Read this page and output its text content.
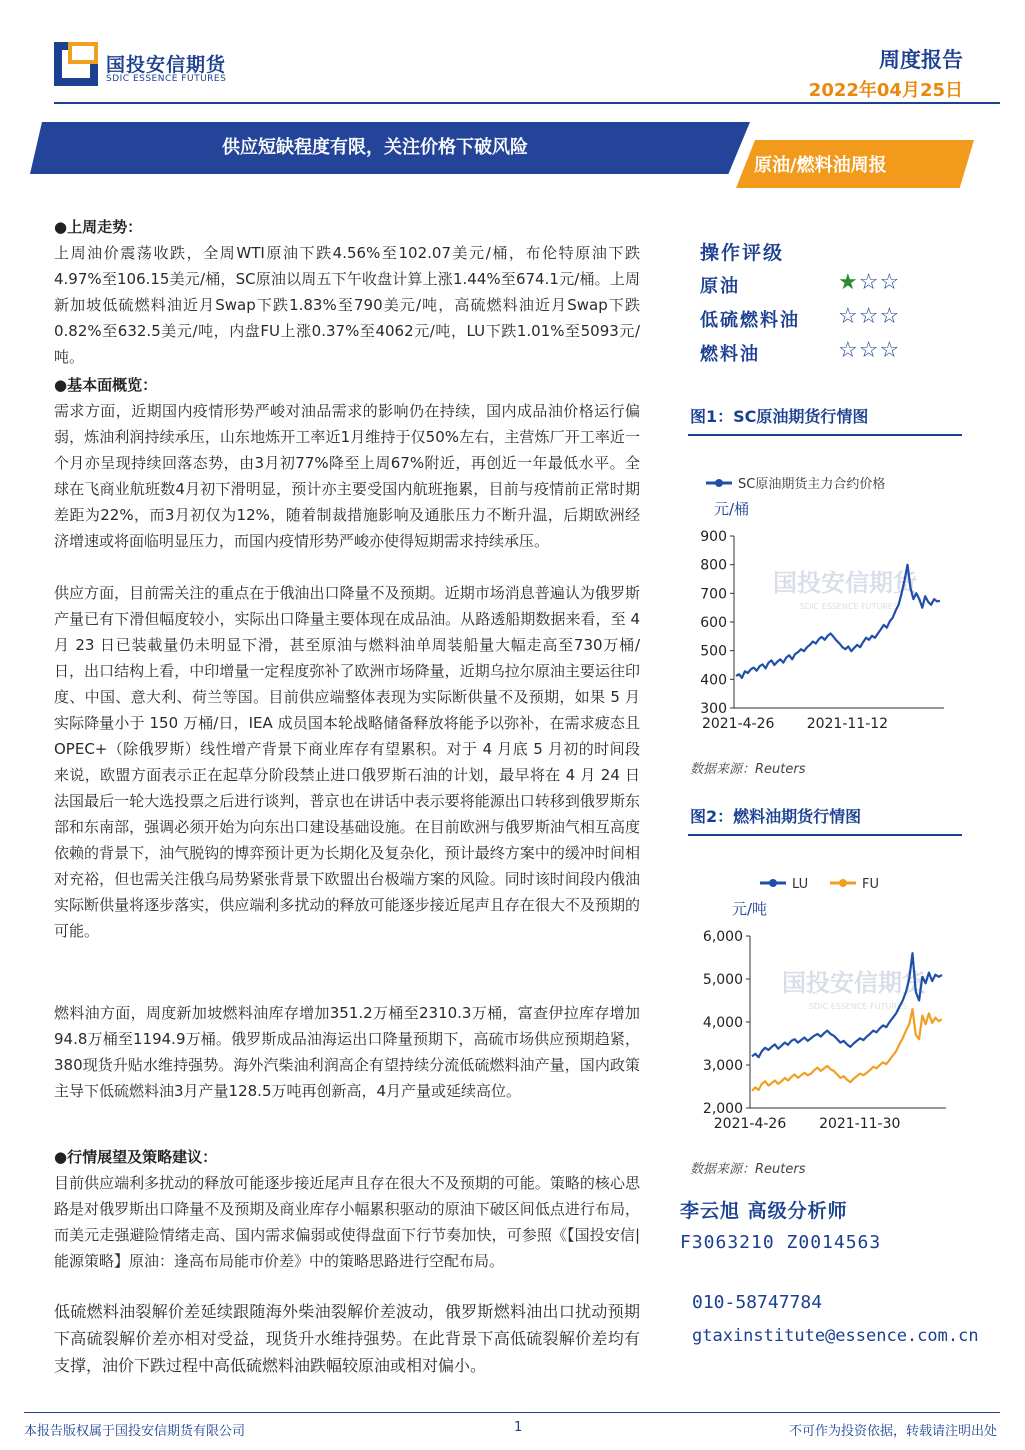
国投安信期货
SDIC ESSENCE FUTURES
周度报告
2022年04月25日
供应短缺程度有限，关注价格下破风险
原油/燃料油周报
●上周走势：
上周油价震荡收跌，全周WTI原油下跌4.56%至102.07美元/桶，布伦特原油下跌4.97%至106.15美元/桶，SC原油以周五下午收盘计算上涨1.44%至674.1元/桶。上周新加坡低硫燃料油近月Swap下跌1.83%至790美元/吨，高硫燃料油近月Swap下跌0.82%至632.5美元/吨，内盘FU上涨0.37%至4062元/吨，LU下跌1.01%至5093元/吨。
●基本面概览：
需求方面，近期国内疫情形势严峻对油品需求的影响仍在持续，国内成品油价格运行偏弱，炼油利润持续承压，山东地炼开工率近1月维持于仅50%左右，主营炼厂开工率近一个月亦呈现持续回落态势，由3月初77%降至上周67%附近，再创近一年最低水平。全球在飞商业航班数4月初下滑明显，预计亦主要受国内航班拖累，目前与疫情前正常时期差距为22%，而3月初仅为12%，随着制裁措施影响及通胀压力不断升温，后期欧洲经济增速或将面临明显压力，而国内疫情形势严峻亦使得短期需求持续承压。
供应方面，目前需关注的重点在于俄油出口降量不及预期。近期市场消息普遍认为俄罗斯产量已有下滑但幅度较小，实际出口降量主要体现在成品油。从路透船期数据来看，至 4 月 23 日已装載量仍未明显下滑，甚至原油与燃料油单周装船量大幅走高至730万桶/日，出口结构上看，中印增量一定程度弥补了欧洲市场降量，近期乌拉尔原油主要运往印度、中国、意大利、荷兰等国。目前供应端整体表现为实际断供量不及预期，如果 5 月实际降量小于 150 万桶/日，IEA 成员国本轮战略储备释放将能予以弥补，在需求疲态且 OPEC+（除俄罗斯）线性增产背景下商业库存有望累积。对于 4 月底 5 月初的时间段来说，欧盟方面表示正在起草分阶段禁止进口俄罗斯石油的计划，最早将在 4 月 24 日法国最后一轮大选投票之后进行谈判，普京也在讲话中表示要将能源出口转移到俄罗斯东部和东南部，强调必须开始为向东出口建设基础设施。在目前欧洲与俄罗斯油气相互高度依赖的背景下，油气脱钩的博弈预计更为长期化及复杂化，预计最终方案中的缓冲时间相对充裕，但也需关注俄乌局势紧张背景下欧盟出台极端方案的风险。同时该时间段内俄油实际断供量将逐步落实，供应端利多扰动的释放可能逐步接近尾声且存在很大不及预期的可能。
燃料油方面，周度新加坡燃料油库存增加351.2万桶至2310.3万桶，富查伊拉库存增加94.8万桶至1194.9万桶。俄罗斯成品油海运出口降量预期下，高硫市场供应预期趋紧，380现货升贴水维持强势。海外汽柴油利润高企有望持续分流低硫燃料油产量，国内政策主导下低硫燃料油3月产量128.5万吨再创新高，4月产量或延续高位。
●行情展望及策略建议：
目前供应端利多扰动的释放可能逐步接近尾声且存在很大不及预期的可能。策略的核心思路是对俄罗斯出口降量不及预期及商业库存小幅累积驱动的原油下破区间低点进行布局，而美元走强避险情绪走高、国内需求偏弱或使得盘面下行节奏加快，可参照《【国投安信|能源策略】原油：逢高布局能市价差》中的策略思路进行空配布局。
低硫燃料油裂解价差延续跟随海外柴油裂解价差波动，俄罗斯燃料油出口扰动预期下高硫裂解价差亦相对受益，现货升水维持强势。在此背景下高低硫裂解价差均有支撑，油价下跌过程中高低硫燃料油跌幅较原油或相对偏小。
操作评级
原油	★☆☆
低硫燃料油 ☆☆☆
燃料油	☆☆☆
图1：SC原油期货行情图
国投安信期货
SDIC ESSENCE FUTURES
SC原油期货主力合约价格
元/桶
900
800
700
600
500
400
300
2021-4-26 2021-11-12
数据来源：Reuters
图2：燃料油期货行情图
国投安信期货
SDIC ESSENCE FUTURES
LU	FU
元/吨
6,000
5,000
4,000
3,000
2,000
2021-4-26 2021-11-30
数据来源：Reuters
李云旭 高级分析师
F3063210 Z0014563
010-58747784
gtaxinstitute@essence.com.cn
本报告版权属于国投安信期货有限公司	1	不可作为投资依据，转载请注明出处
